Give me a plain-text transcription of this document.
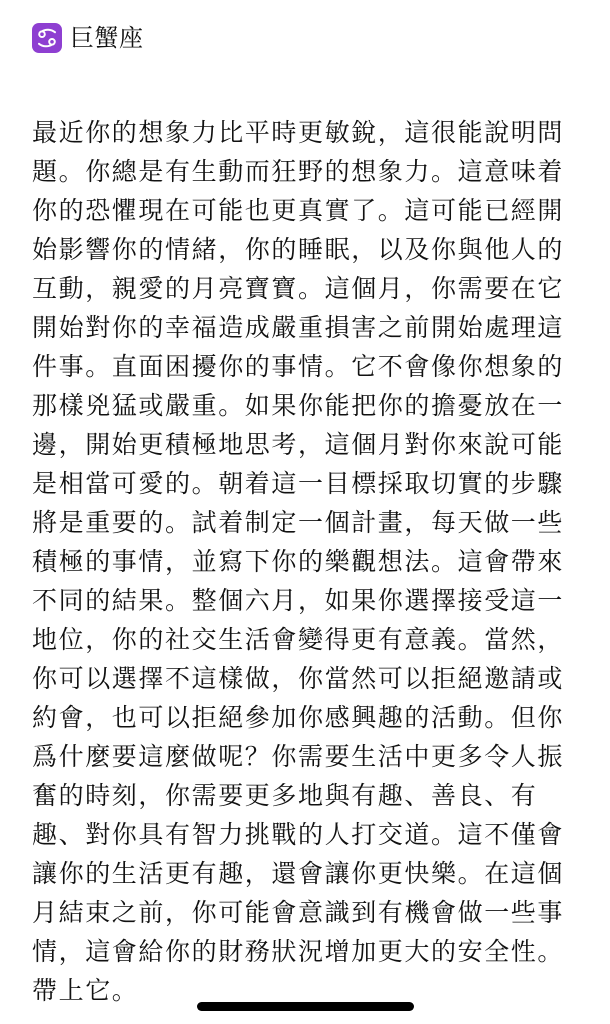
巨蟹座
最近你的想象力比平時更敏銳，這很能說明問
題。你總是有生動而狂野的想象力。這意味着
你的恐懼現在可能也更真實了。這可能已經開
始影響你的情緒，你的睡眠，以及你與他人的
互動，親愛的月亮寶寶。這個月，你需要在它
開始對你的幸福造成嚴重損害之前開始處理這
件事。直面困擾你的事情。它不會像你想象的
那樣兇猛或嚴重。如果你能把你的擔憂放在一
邊，開始更積極地思考，這個月對你來說可能
是相當可愛的。朝着這一目標採取切實的步驟
將是重要的。試着制定一個計畫，每天做一些
積極的事情，並寫下你的樂觀想法。這會帶來
不同的結果。整個六月，如果你選擇接受這一
地位，你的社交生活會變得更有意義。當然，
你可以選擇不這樣做，你當然可以拒絕邀請或
約會，也可以拒絕參加你感興趣的活動。但你
爲什麼要這麼做呢？你需要生活中更多令人振
奮的時刻，你需要更多地與有趣、善良、有
趣、對你具有智力挑戰的人打交道。這不僅會
讓你的生活更有趣，還會讓你更快樂。在這個
月結束之前，你可能會意識到有機會做一些事
情，這會給你的財務狀況增加更大的安全性。
帶上它。
